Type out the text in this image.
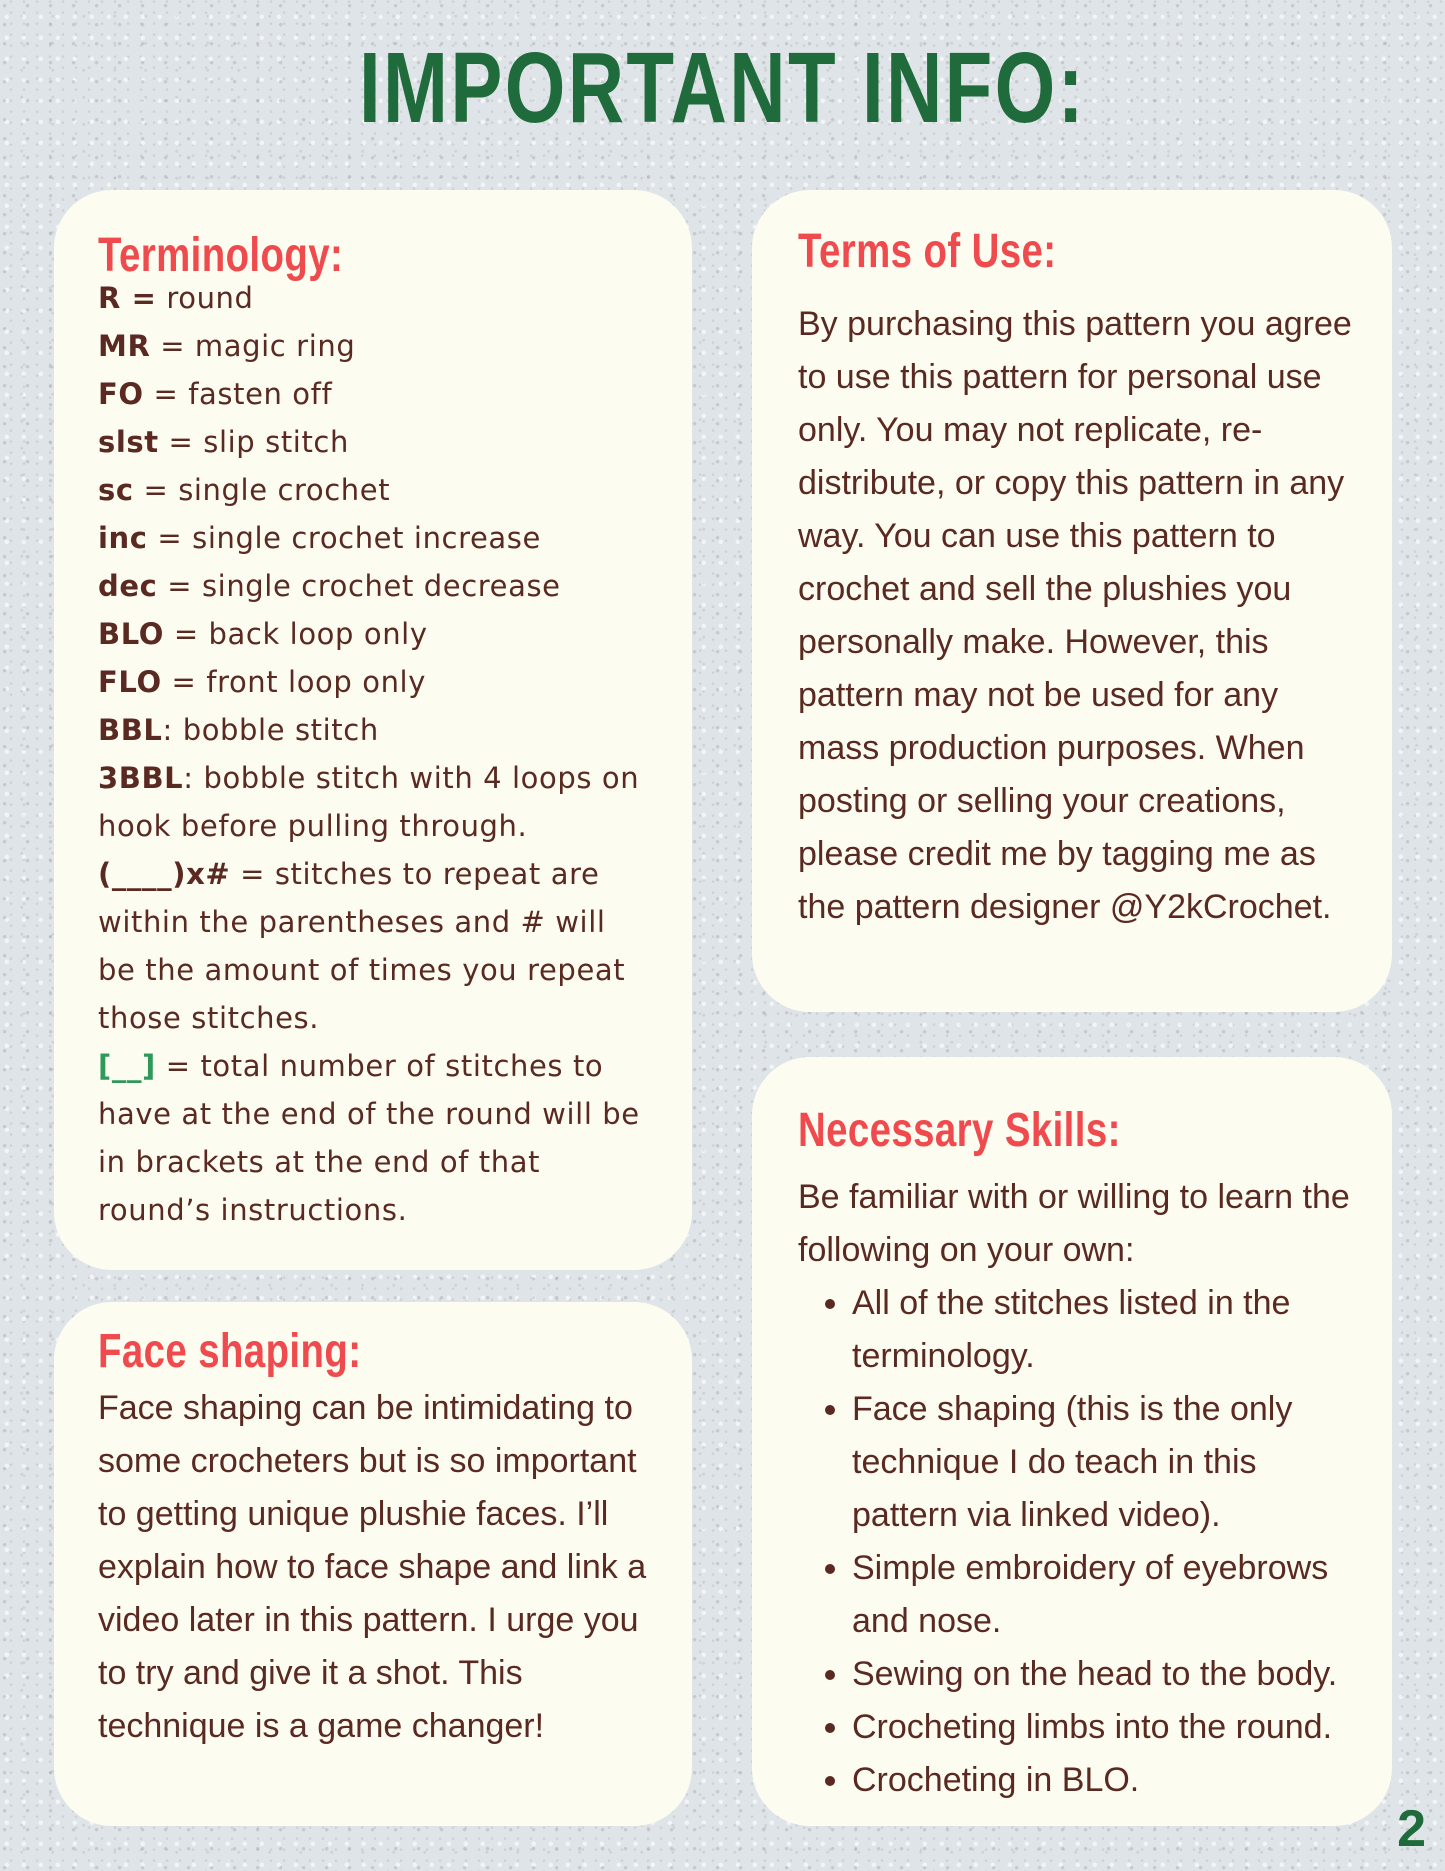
IMPORTANT INFO:
Terminology:
R = round
MR = magic ring
FO = fasten off
slst = slip stitch
sc = single crochet
inc = single crochet increase
dec = single crochet decrease
BLO = back loop only
FLO = front loop only
BBL: bobble stitch
3BBL: bobble stitch with 4 loops on hook before pulling through.
(____)x# = stitches to repeat are within the parentheses and # will be the amount of times you repeat those stitches.
[__] = total number of stitches to have at the end of the round will be in brackets at the end of that round’s instructions.
Face shaping:

Face shaping can be intimidating to some crocheters but is so important to getting unique plushie faces. I’ll explain how to face shape and link a video later in this pattern. I urge you to try and give it a shot. This technique is a game changer!

Terms of Use:

By purchasing this pattern you agree to use this pattern for personal use only. You may not replicate, re-distribute, or copy this pattern in any way. You can use this pattern to crochet and sell the plushies you personally make. However, this pattern may not be used for any mass production purposes. When posting or selling your creations, please credit me by tagging me as the pattern designer @Y2kCrochet.

Necessary Skills:

Be familiar with or willing to learn the following on your own:

• All of the stitches listed in the terminology.
• Face shaping (this is the only technique I do teach in this pattern via linked video).
• Simple embroidery of eyebrows and nose.
• Sewing on the head to the body.
• Crocheting limbs into the round.
• Crocheting in BLO.
2
